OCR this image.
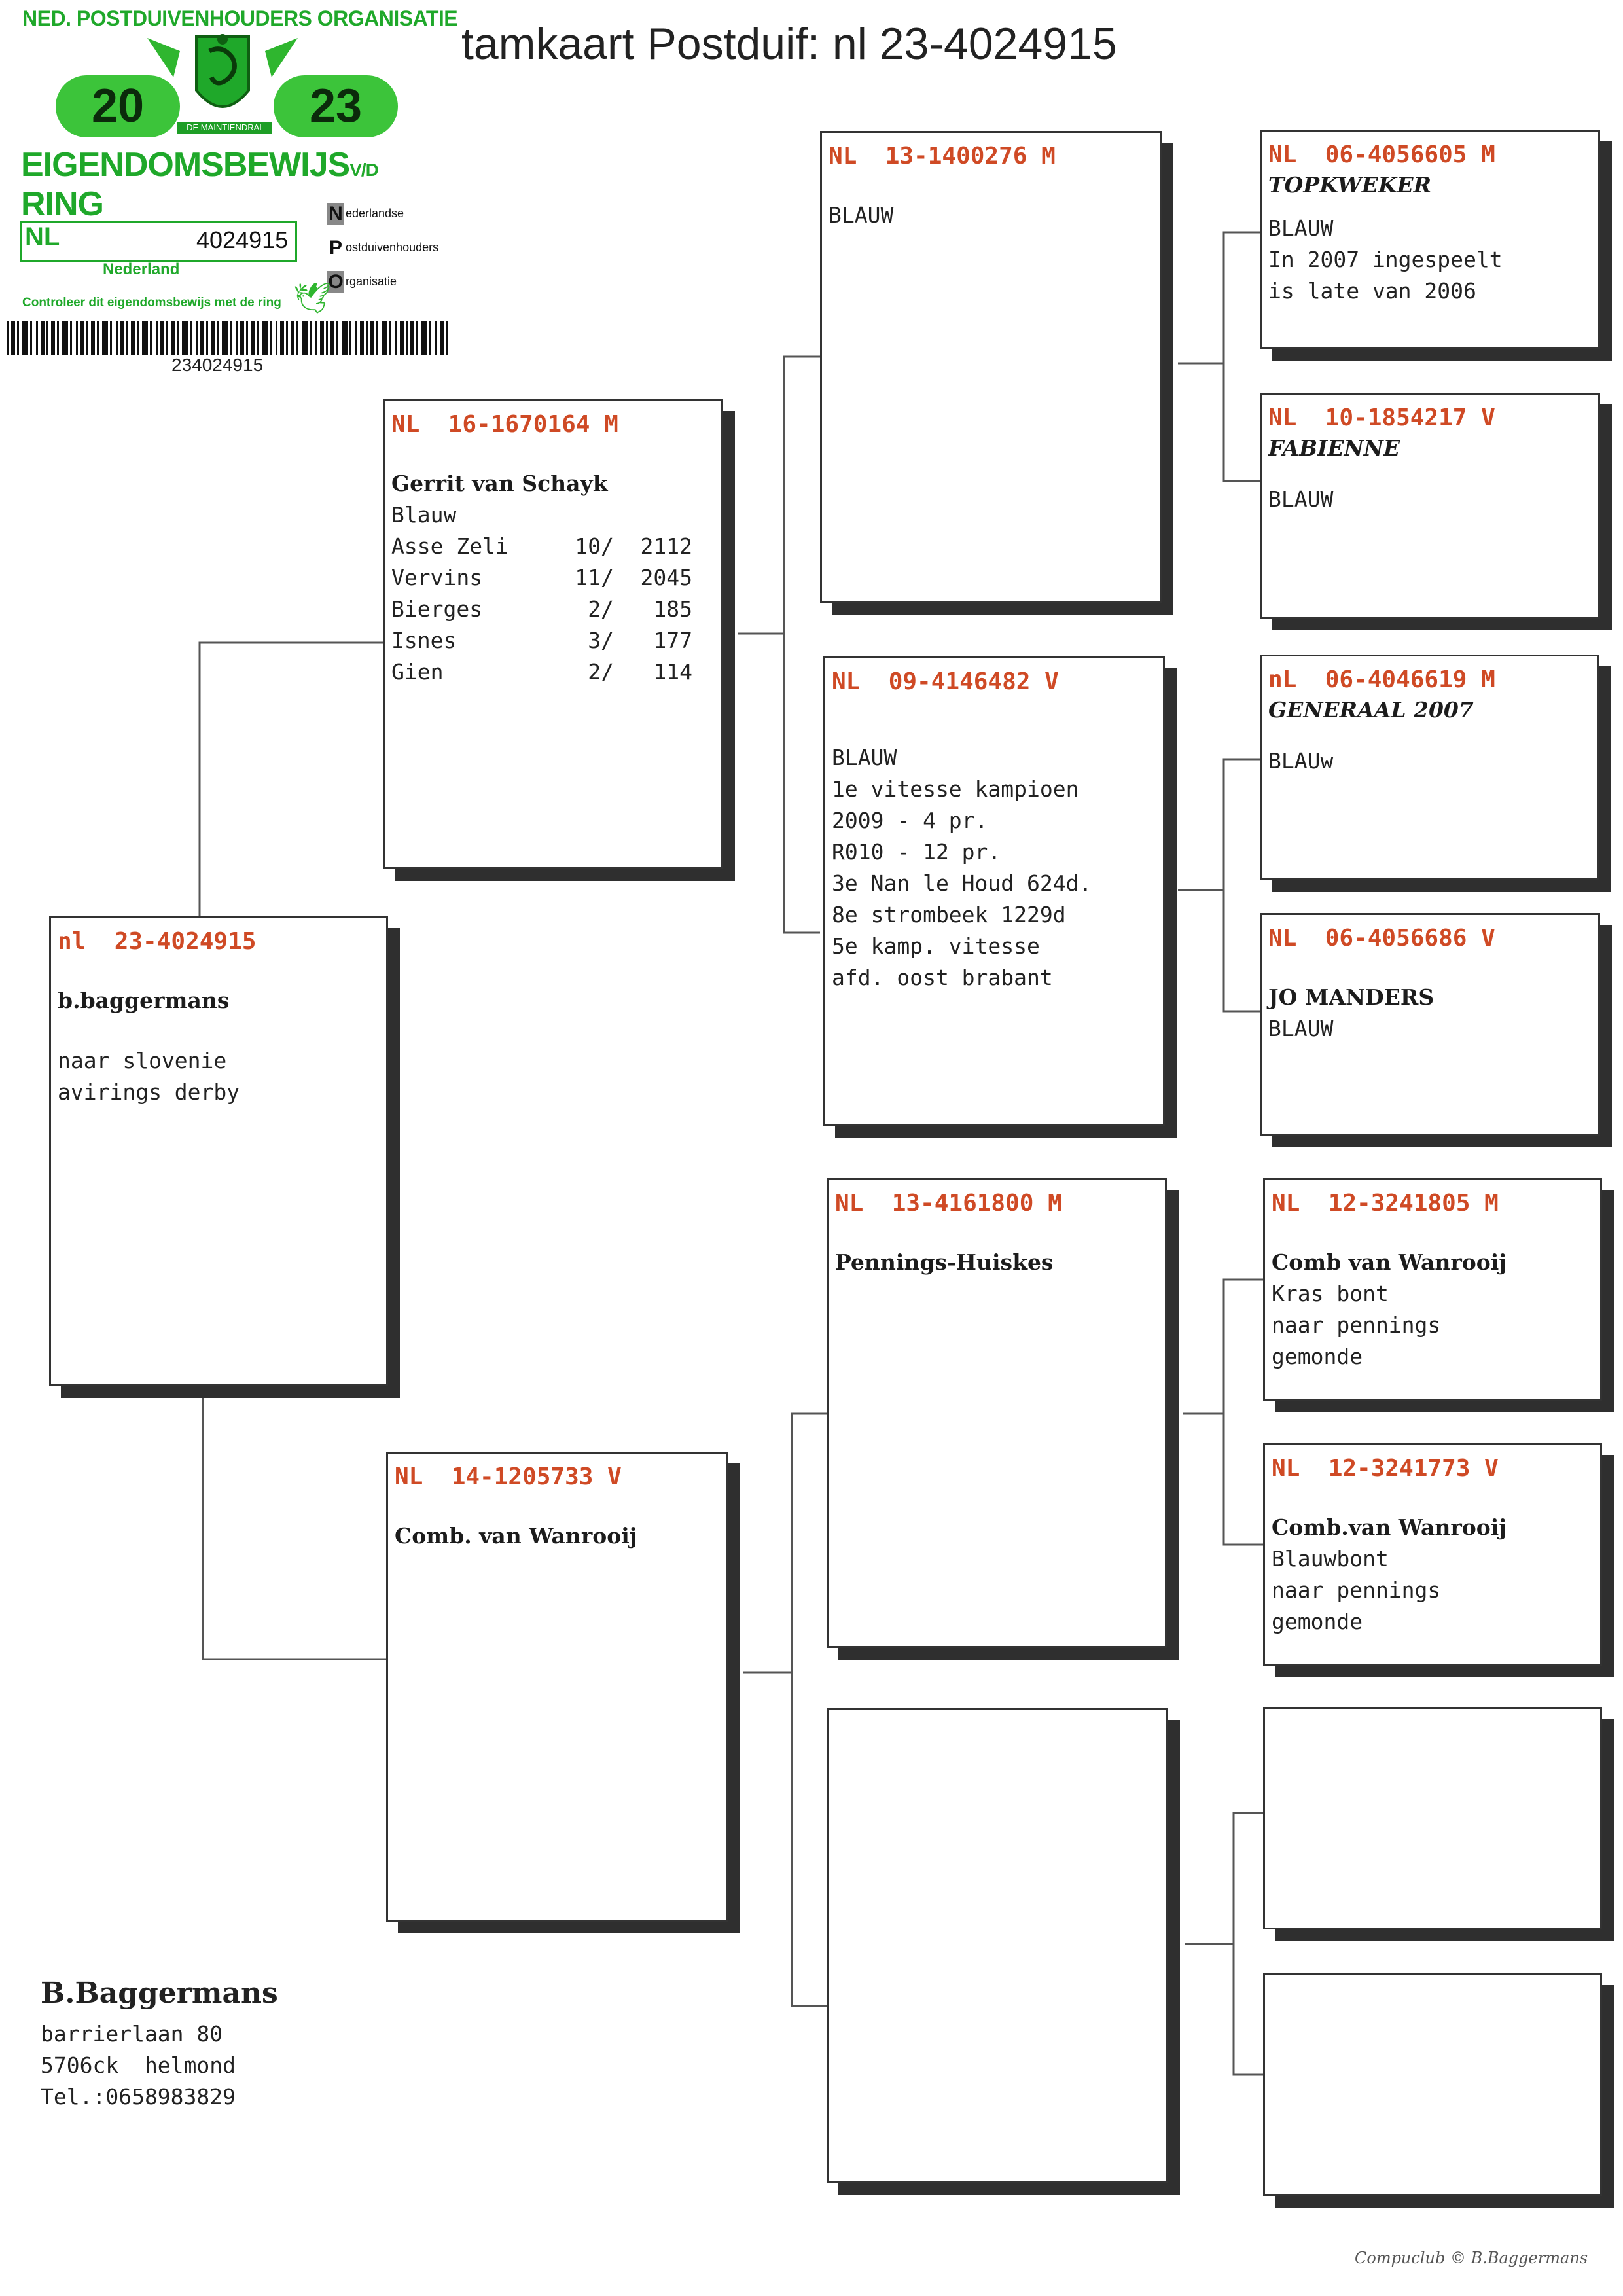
NED. POSTDUIVENHOUDERS ORGANISATIE
20	23
DE MAINTIENDRAI
EIGENDOMSBEWIJSV/D RING
NL	4024915
Nederland
N ederlandse
Postduivenhouders
O rganisatie
Controleer dit eigendomsbewijs met de ring 🕊
234024915
tamkaart Postduif: nl 23-4024915
nl  23-4024915
b.baggermans
naar slovenie
avirings derby
NL  16-1670164 M
Gerrit van Schayk
Blauw
Asse Zeli	10/	2112
Vervins	11/	2045
Bierges	2/	185
Isnes	3/	177
Gien	2/	114
NL  14-1205733 V
Comb. van Wanrooij
NL  13-1400276 M
BLAUW
NL  09-4146482 V
BLAUW
1e vitesse kampioen
2009 - 4 pr.
R010 - 12 pr.
3e Nan le Houd 624d.
8e strombeek 1229d
5e kamp. vitesse
afd. oost brabant
NL  13-4161800 M
Pennings-Huiskes
NL  06-4056605 M
TOPKWEKER
BLAUW
In 2007 ingespeelt
is late van 2006
NL  10-1854217 V
FABIENNE
BLAUW
nL  06-4046619 M
GENERAAL 2007
BLAUw
NL  06-4056686 V
JO MANDERS
BLAUW
NL  12-3241805 M
Comb van Wanrooij
Kras bont
naar pennings
gemonde
NL  12-3241773 V
Comb.van Wanrooij
Blauwbont
naar pennings
gemonde
B.Baggermans
barrierlaan 80
5706ck  helmond
Tel.:0658983829
Compuclub © B.Baggermans
